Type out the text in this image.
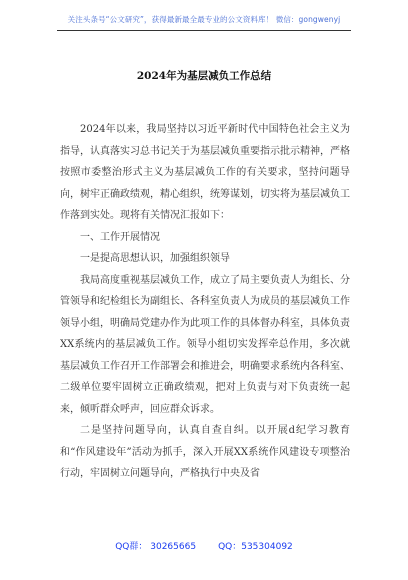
关注头条号“公文研究”，获得最新最全最专业的公文资料库！ 微信：gongwenyj
2024年为基层减负工作总结

2024年以来，我局坚持以习近平新时代中国特色社会主义为指导，认真落实习总书记关于为基层减负重要指示批示精神，严格按照市委整治形式主义为基层减负工作的有关要求，坚持问题导向，树牢正确政绩观，精心组织，统筹谋划，切实将为基层减负工作落到实处。现将有关情况汇报如下：

一、工作开展情况

一是提高思想认识，加强组织领导

我局高度重视基层减负工作，成立了局主要负责人为组长、分管领导和纪检组长为副组长、各科室负责人为成员的基层减负工作领导小组，明确局党建办作为此项工作的具体督办科室，具体负责XX系统内的基层减负工作。领导小组切实发挥牵总作用，多次就基层减负工作召开工作部署会和推进会，明确要求系统内各科室、二级单位要牢固树立正确政绩观，把对上负责与对下负责统一起来，倾听群众呼声，回应群众诉求。

二是坚持问题导向，认真自查自纠。以开展d纪学习教育和“作风建设年”活动为抓手，深入开展XX系统作风建设专项整治行动，牢固树立问题导向，严格执行中央及省

QQ群： 30265665 QQ：535304092
